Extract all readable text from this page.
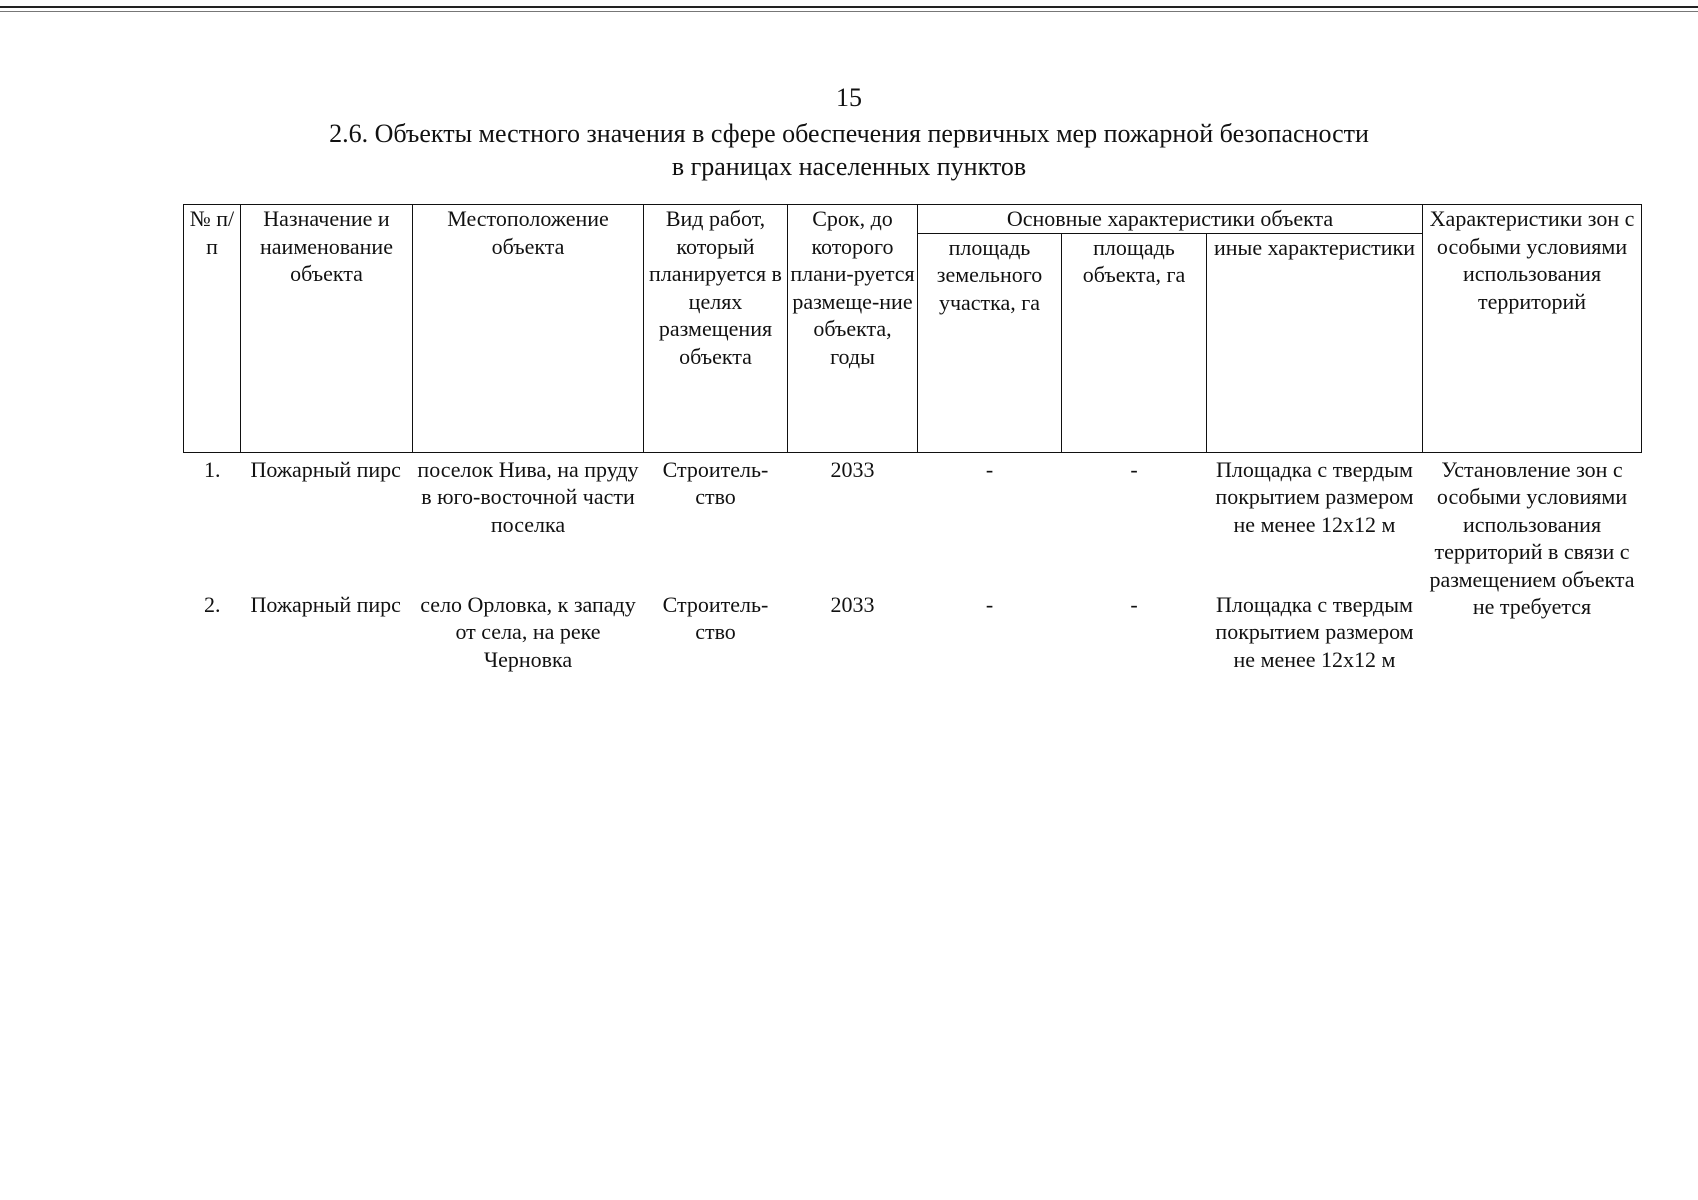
15
2.6. Объекты местного значения в сфере обеспечения первичных мер пожарной безопасности
в границах населенных пунктов
№ п/п	Назначение и наименование объекта	Местоположение объекта	Вид работ, который планируется в целях размещения объекта	Срок, до которого плани-руется размеще-ние объекта, годы	Основные характеристики объекта			Характеристики зон с особыми условиями использования территорий
					площадь земельного участка, га	площадь объекта, га	иные характеристики	
1.	Пожарный пирс	поселок Нива, на пруду в юго-восточной части поселка	Строитель-ство	2033	-	-	Площадка с твердым покрытием размером не менее 12х12 м	Установление зон с особыми условиями использования территорий в связи с размещением объекта не требуется
2.	Пожарный пирс	село Орловка, к западу от села, на реке Черновка	Строитель-ство	2033	-	-	Площадка с твердым покрытием размером не менее 12х12 м	
